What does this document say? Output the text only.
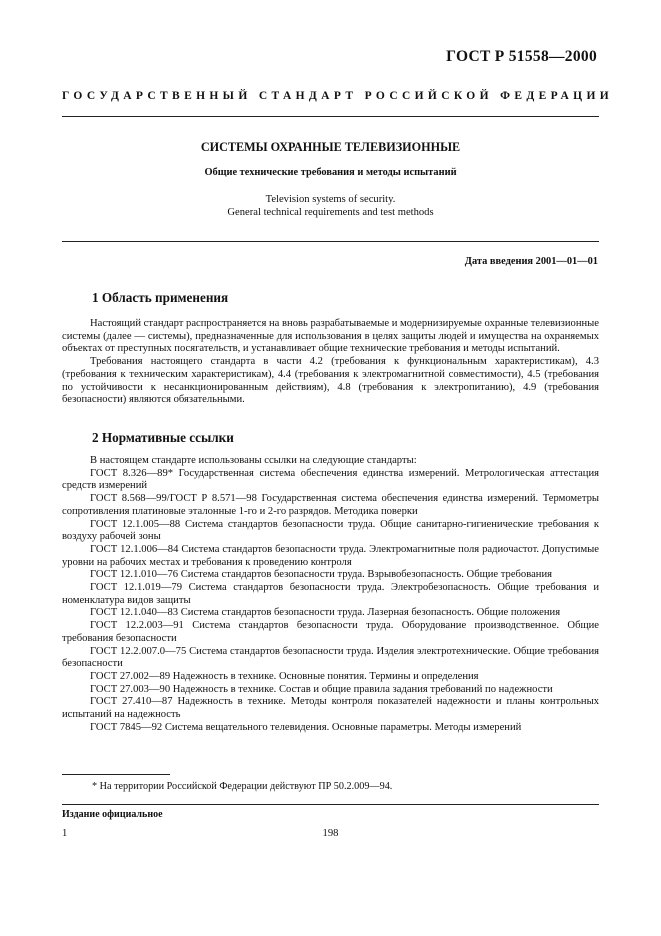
ГОСТ Р 51558—2000
ГОСУДАРСТВЕННЫЙ СТАНДАРТ РОССИЙСКОЙ ФЕДЕРАЦИИ
СИСТЕМЫ ОХРАННЫЕ ТЕЛЕВИЗИОННЫЕ
Общие технические требования и методы испытаний
Television systems of security.
General technical requirements and test methods
Дата введения 2001—01—01
1 Область применения

Настоящий стандарт распространяется на вновь разрабатываемые и модернизируемые охранные телевизионные системы (далее — системы), предназначенные для использования в целях защиты людей и имущества на охраняемых объектах от преступных посягательств, и устанавливает общие технические требования и методы испытаний.

Требования настоящего стандарта в части 4.2 (требования к функциональным характеристикам), 4.3 (требования к техническим характеристикам), 4.4 (требования к электромагнитной совместимости), 4.5 (требования по устойчивости к несанкционированным действиям), 4.8 (требования к электропитанию), 4.9 (требования безопасности) являются обязательными.

2 Нормативные ссылки

В настоящем стандарте использованы ссылки на следующие стандарты:

ГОСТ 8.326—89* Государственная система обеспечения единства измерений. Метрологическая аттестация средств измерений

ГОСТ 8.568—99/ГОСТ Р 8.571—98 Государственная система обеспечения единства измерений. Термометры сопротивления платиновые эталонные 1-го и 2-го разрядов. Методика поверки

ГОСТ 12.1.005—88 Система стандартов безопасности труда. Общие санитарно-гигиенические требования к воздуху рабочей зоны

ГОСТ 12.1.006—84 Система стандартов безопасности труда. Электромагнитные поля радиочастот. Допустимые уровни на рабочих местах и требования к проведению контроля

ГОСТ 12.1.010—76 Система стандартов безопасности труда. Взрывобезопасность. Общие требования

ГОСТ 12.1.019—79 Система стандартов безопасности труда. Электробезопасность. Общие требования и номенклатура видов защиты

ГОСТ 12.1.040—83 Система стандартов безопасности труда. Лазерная безопасность. Общие положения

ГОСТ 12.2.003—91 Система стандартов безопасности труда. Оборудование производственное. Общие требования безопасности

ГОСТ 12.2.007.0—75 Система стандартов безопасности труда. Изделия электротехнические. Общие требования безопасности

ГОСТ 27.002—89 Надежность в технике. Основные понятия. Термины и определения

ГОСТ 27.003—90 Надежность в технике. Состав и общие правила задания требований по надежности

ГОСТ 27.410—87 Надежность в технике. Методы контроля показателей надежности и планы контрольных испытаний на надежность

ГОСТ 7845—92 Система вещательного телевидения. Основные параметры. Методы измерений

* На территории Российской Федерации действуют ПР 50.2.009—94.
Издание официальное
1	198
